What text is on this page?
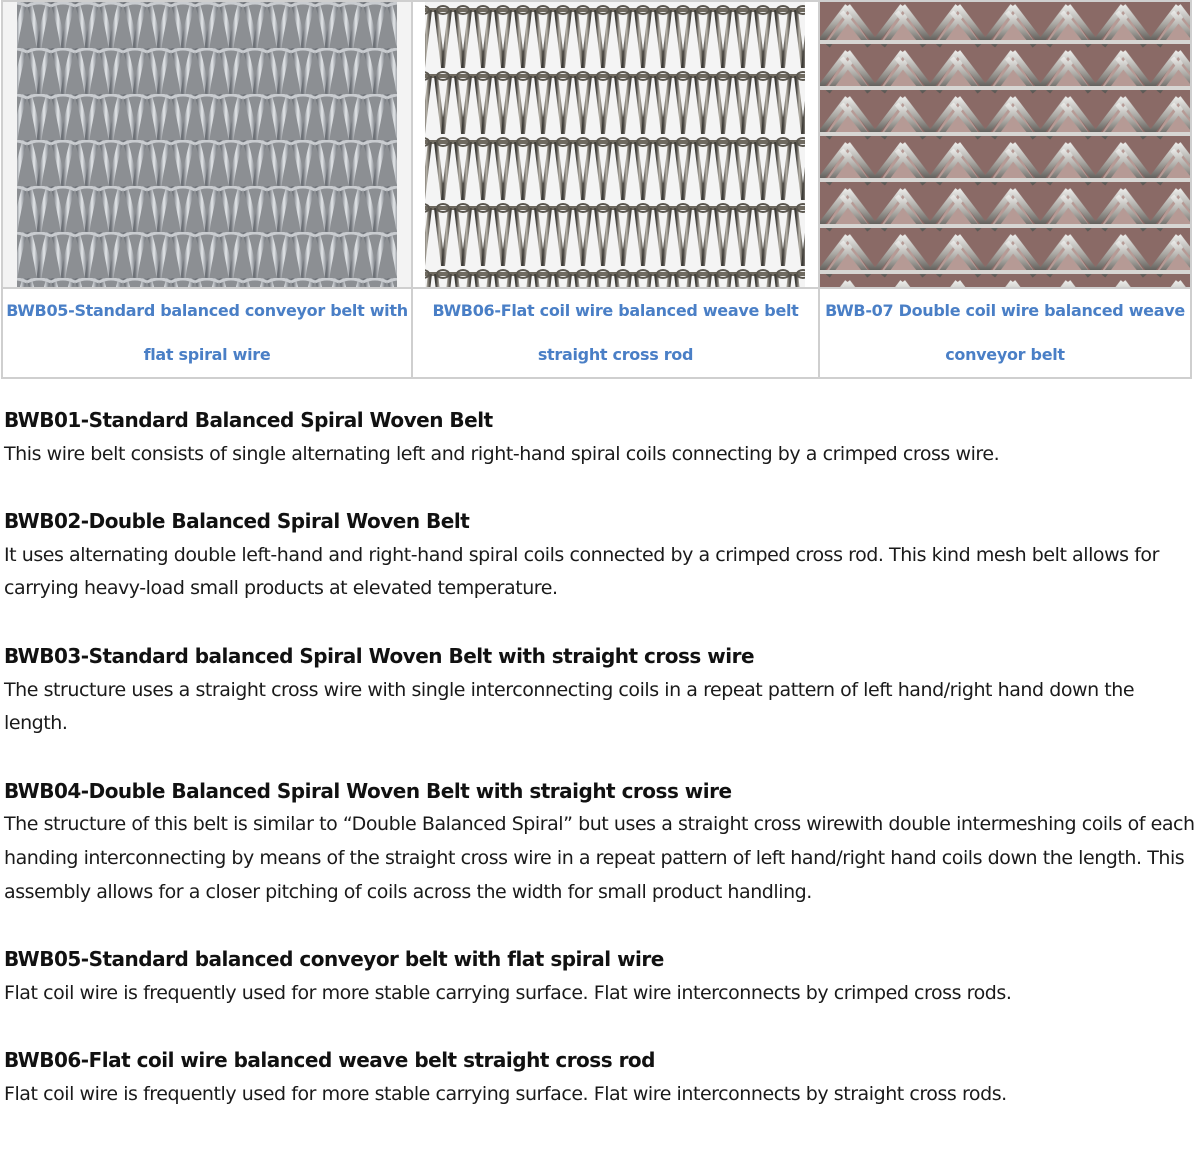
BWB05-Standard balanced conveyor belt with flat spiral wire	BWB06-Flat coil wire balanced weave belt straight cross rod	BWB-07 Double coil wire balanced weave conveyor belt
BWB01-Standard Balanced Spiral Woven Belt
This wire belt consists of single alternating left and right-hand spiral coils connecting by a crimped cross wire.
BWB02-Double Balanced Spiral Woven Belt
It uses alternating double left-hand and right-hand spiral coils connected by a crimped cross rod. This kind mesh belt allows for carrying heavy-load small products at elevated temperature.
BWB03-Standard balanced Spiral Woven Belt with straight cross wire
The structure uses a straight cross wire with single interconnecting coils in a repeat pattern of left hand/right hand down the length.
BWB04-Double Balanced Spiral Woven Belt with straight cross wire
The structure of this belt is similar to “Double Balanced Spiral” but uses a straight cross wirewith double intermeshing coils of each handing interconnecting by means of the straight cross wire in a repeat pattern of left hand/right hand coils down the length. This assembly allows for a closer pitching of coils across the width for small product handling.
BWB05-Standard balanced conveyor belt with flat spiral wire
Flat coil wire is frequently used for more stable carrying surface. Flat wire interconnects by crimped cross rods.
BWB06-Flat coil wire balanced weave belt straight cross rod
Flat coil wire is frequently used for more stable carrying surface. Flat wire interconnects by straight cross rods.
